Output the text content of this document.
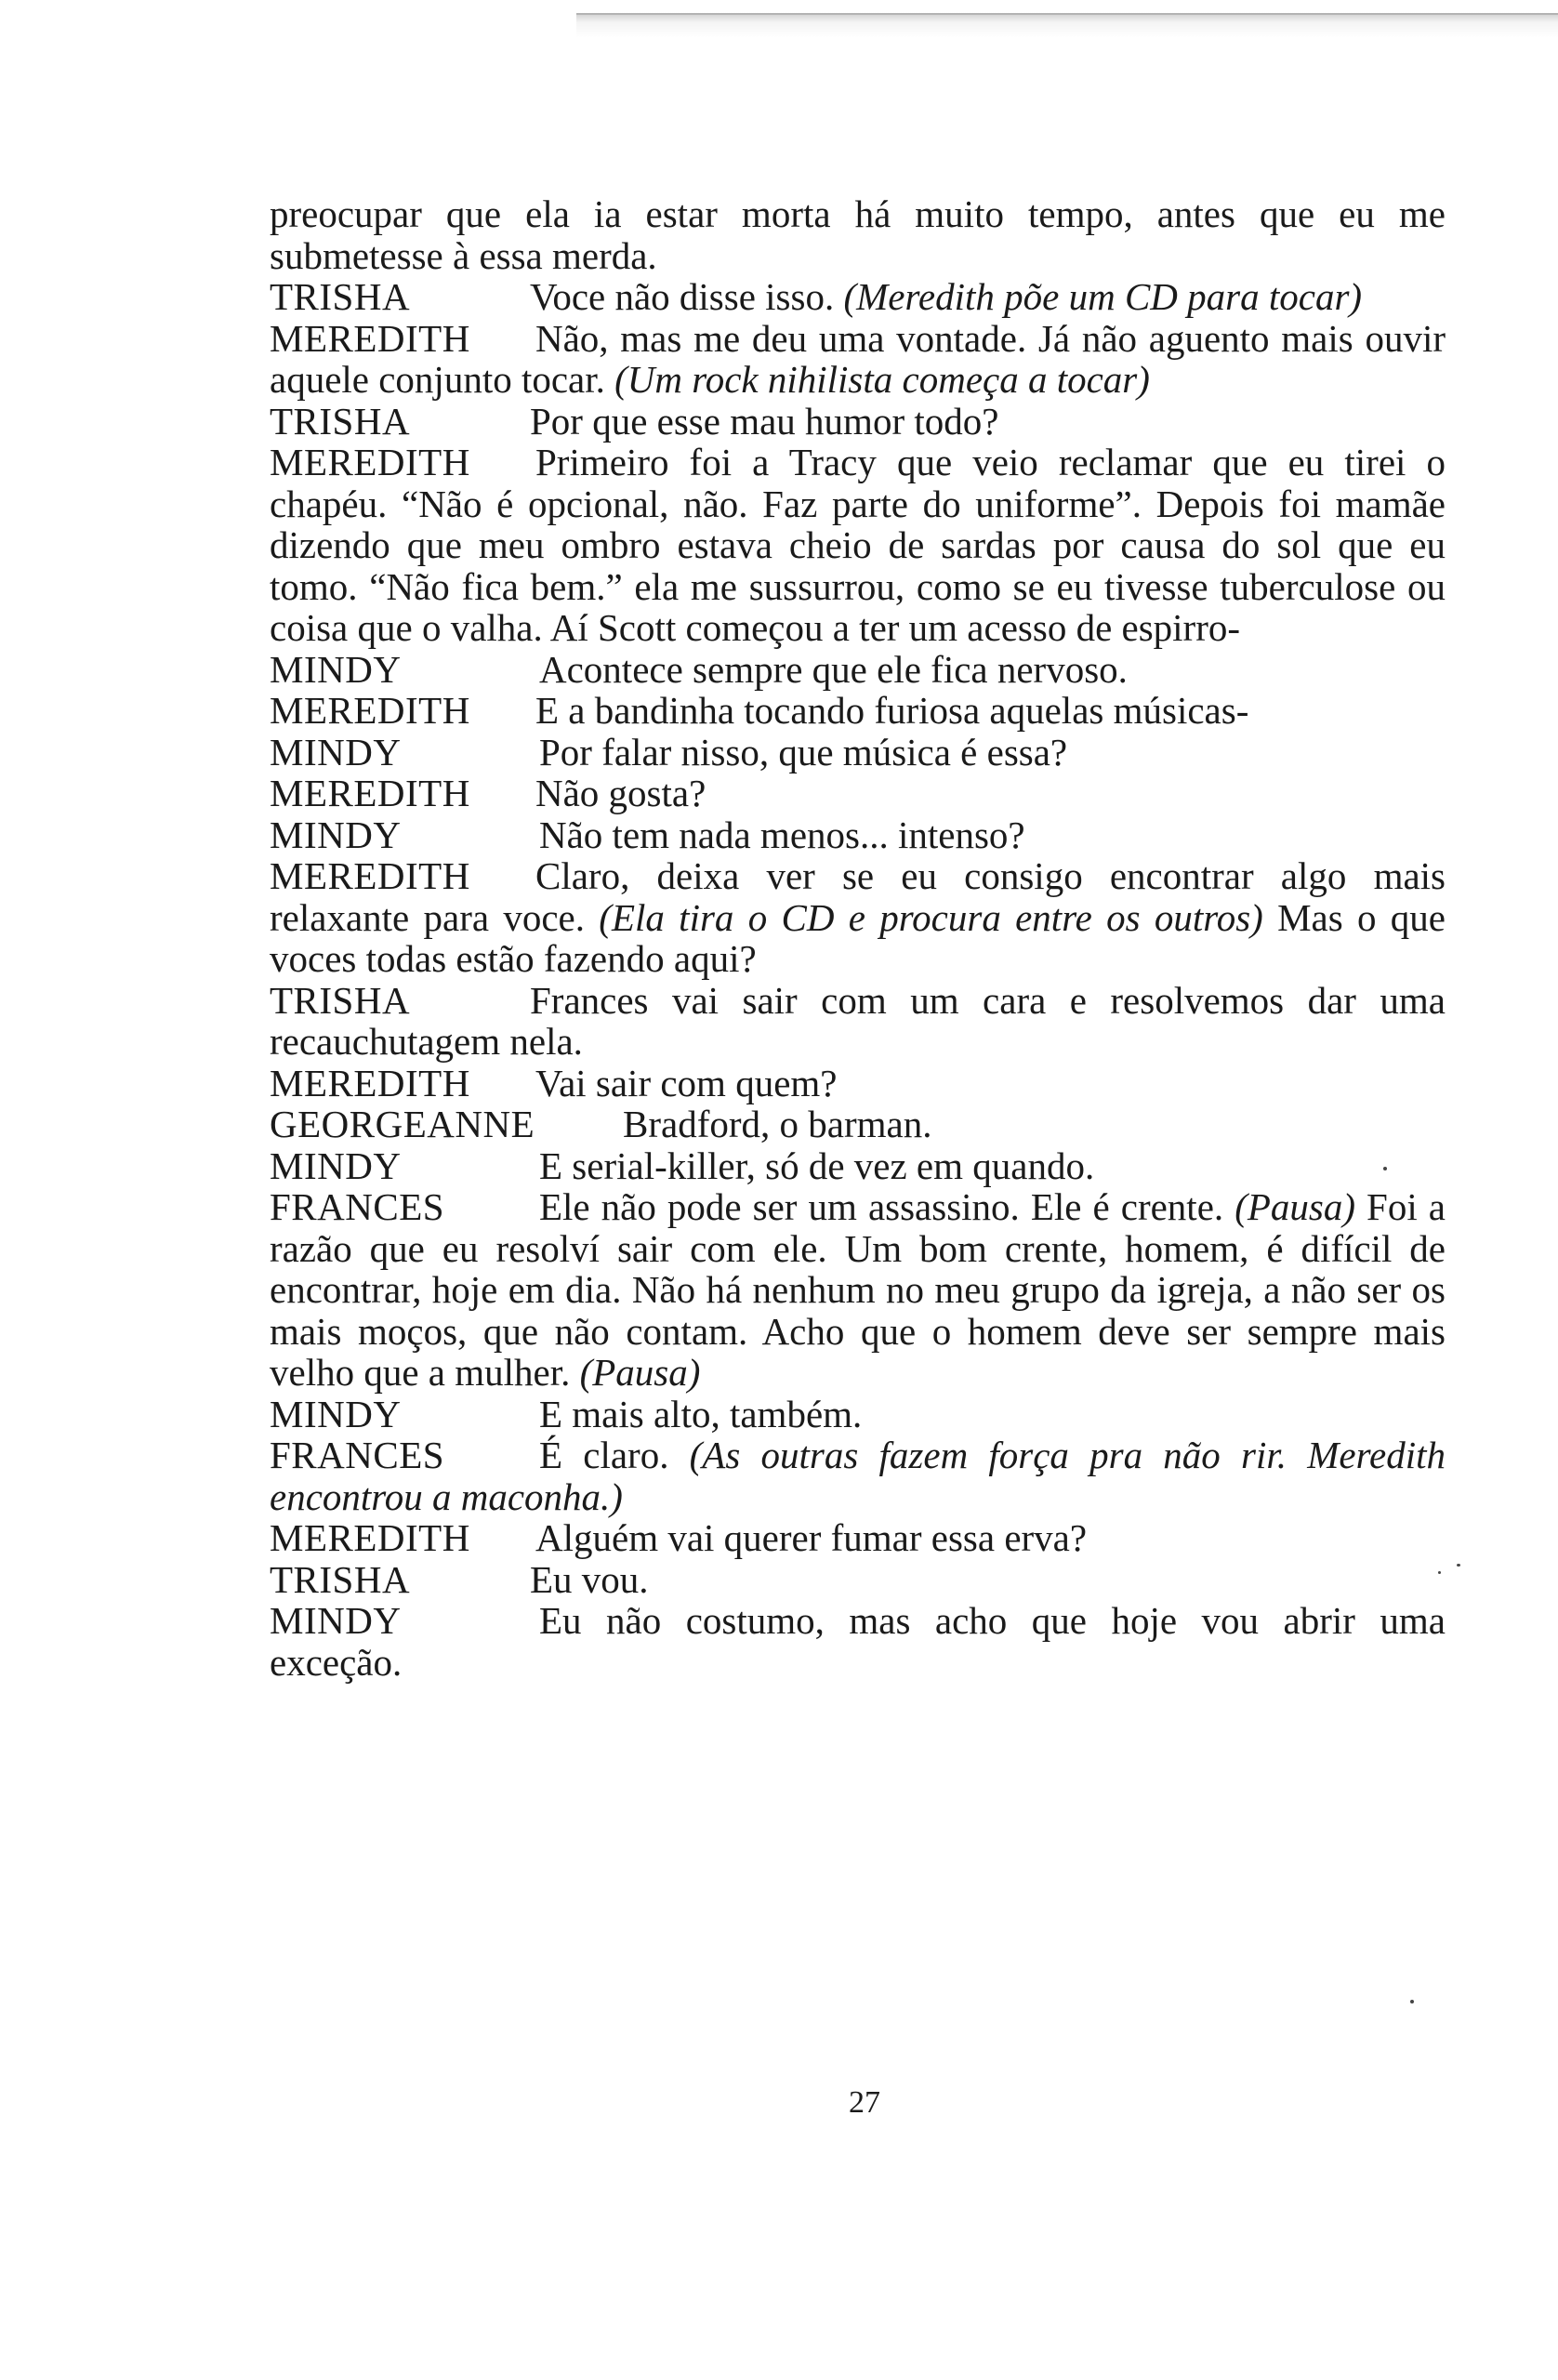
preocupar que ela ia estar morta há muito tempo, antes que eu me submetesse à essa merda.

TRISHA	Voce não disse isso. (Meredith põe um CD para tocar)

MEREDITH Não, mas me deu uma vontade. Já não aguento mais ouvir aquele conjunto tocar. (Um rock nihilista começa a tocar)

TRISHA	Por que esse mau humor todo?

MEREDITH Primeiro foi a Tracy que veio reclamar que eu tirei o chapéu. “Não é opcional, não. Faz parte do uniforme”. Depois foi mamãe dizendo que meu ombro estava cheio de sardas por causa do sol que eu tomo. “Não fica bem.” ela me sussurrou, como se eu tivesse tuberculose ou coisa que o valha. Aí Scott começou a ter um acesso de espirro-

MINDY	Acontece sempre que ele fica nervoso.

MEREDITH E a bandinha tocando furiosa aquelas músicas-

MINDY	Por falar nisso, que música é essa?

MEREDITH Não gosta?

MINDY	Não tem nada menos... intenso?

MEREDITH Claro, deixa ver se eu consigo encontrar algo mais relaxante para voce. (Ela tira o CD e procura entre os outros) Mas o que voces todas estão fazendo aqui?

TRISHA	Frances vai sair com um cara e resolvemos dar uma recauchutagem nela.

MEREDITH Vai sair com quem?

GEORGEANNE Bradford, o barman.

MINDY	E serial-killer, só de vez em quando.

FRANCES Ele não pode ser um assassino. Ele é crente. (Pausa) Foi a razão que eu resolví sair com ele. Um bom crente, homem, é difícil de encontrar, hoje em dia. Não há nenhum no meu grupo da igreja, a não ser os mais moços, que não contam. Acho que o homem deve ser sempre mais velho que a mulher. (Pausa)

MINDY	E mais alto, também.

FRANCES É claro. (As outras fazem força pra não rir. Meredith encontrou a maconha.)

MEREDITH Alguém vai querer fumar essa erva?

TRISHA	Eu vou.

MINDY	Eu não costumo, mas acho que hoje vou abrir uma exceção.

27
